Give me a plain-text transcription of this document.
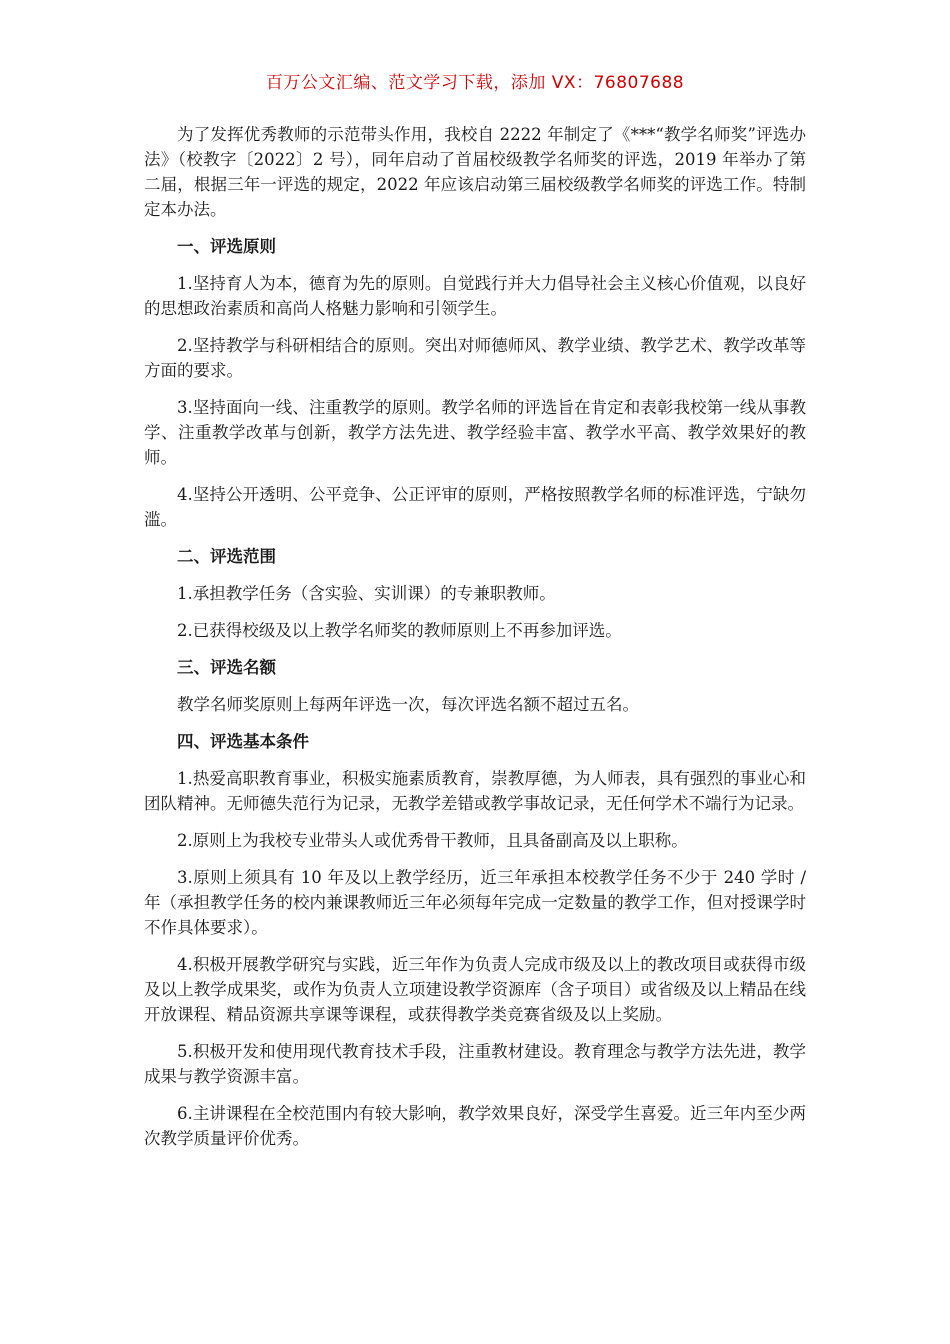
百万公文汇编、范文学习下载，添加 VX：76807688

为了发挥优秀教师的示范带头作用，我校自 2222 年制定了《***“教学名师奖”评选办法》（校教字〔2022〕2 号），同年启动了首届校级教学名师奖的评选，2019 年举办了第二届，根据三年一评选的规定，2022 年应该启动第三届校级教学名师奖的评选工作。特制定本办法。

一、评选原则

1.坚持育人为本，德育为先的原则。自觉践行并大力倡导社会主义核心价值观，以良好的思想政治素质和高尚人格魅力影响和引领学生。

2.坚持教学与科研相结合的原则。突出对师德师风、教学业绩、教学艺术、教学改革等方面的要求。

3.坚持面向一线、注重教学的原则。教学名师的评选旨在肯定和表彰我校第一线从事教学、注重教学改革与创新，教学方法先进、教学经验丰富、教学水平高、教学效果好的教师。

4.坚持公开透明、公平竞争、公正评审的原则，严格按照教学名师的标准评选，宁缺勿滥。

二、评选范围

1.承担教学任务（含实验、实训课）的专兼职教师。

2.已获得校级及以上教学名师奖的教师原则上不再参加评选。

三、评选名额

教学名师奖原则上每两年评选一次，每次评选名额不超过五名。

四、评选基本条件

1.热爱高职教育事业，积极实施素质教育，崇教厚德，为人师表，具有强烈的事业心和团队精神。无师德失范行为记录，无教学差错或教学事故记录，无任何学术不端行为记录。

2.原则上为我校专业带头人或优秀骨干教师，且具备副高及以上职称。

3.原则上须具有 10 年及以上教学经历，近三年承担本校教学任务不少于 240 学时 / 年（承担教学任务的校内兼课教师近三年必须每年完成一定数量的教学工作，但对授课学时不作具体要求）。

4.积极开展教学研究与实践，近三年作为负责人完成市级及以上的教改项目或获得市级及以上教学成果奖，或作为负责人立项建设教学资源库（含子项目）或省级及以上精品在线开放课程、精品资源共享课等课程，或获得教学类竞赛省级及以上奖励。

5.积极开发和使用现代教育技术手段，注重教材建设。教育理念与教学方法先进，教学成果与教学资源丰富。

6.主讲课程在全校范围内有较大影响，教学效果良好，深受学生喜爱。近三年内至少两次教学质量评价优秀。
